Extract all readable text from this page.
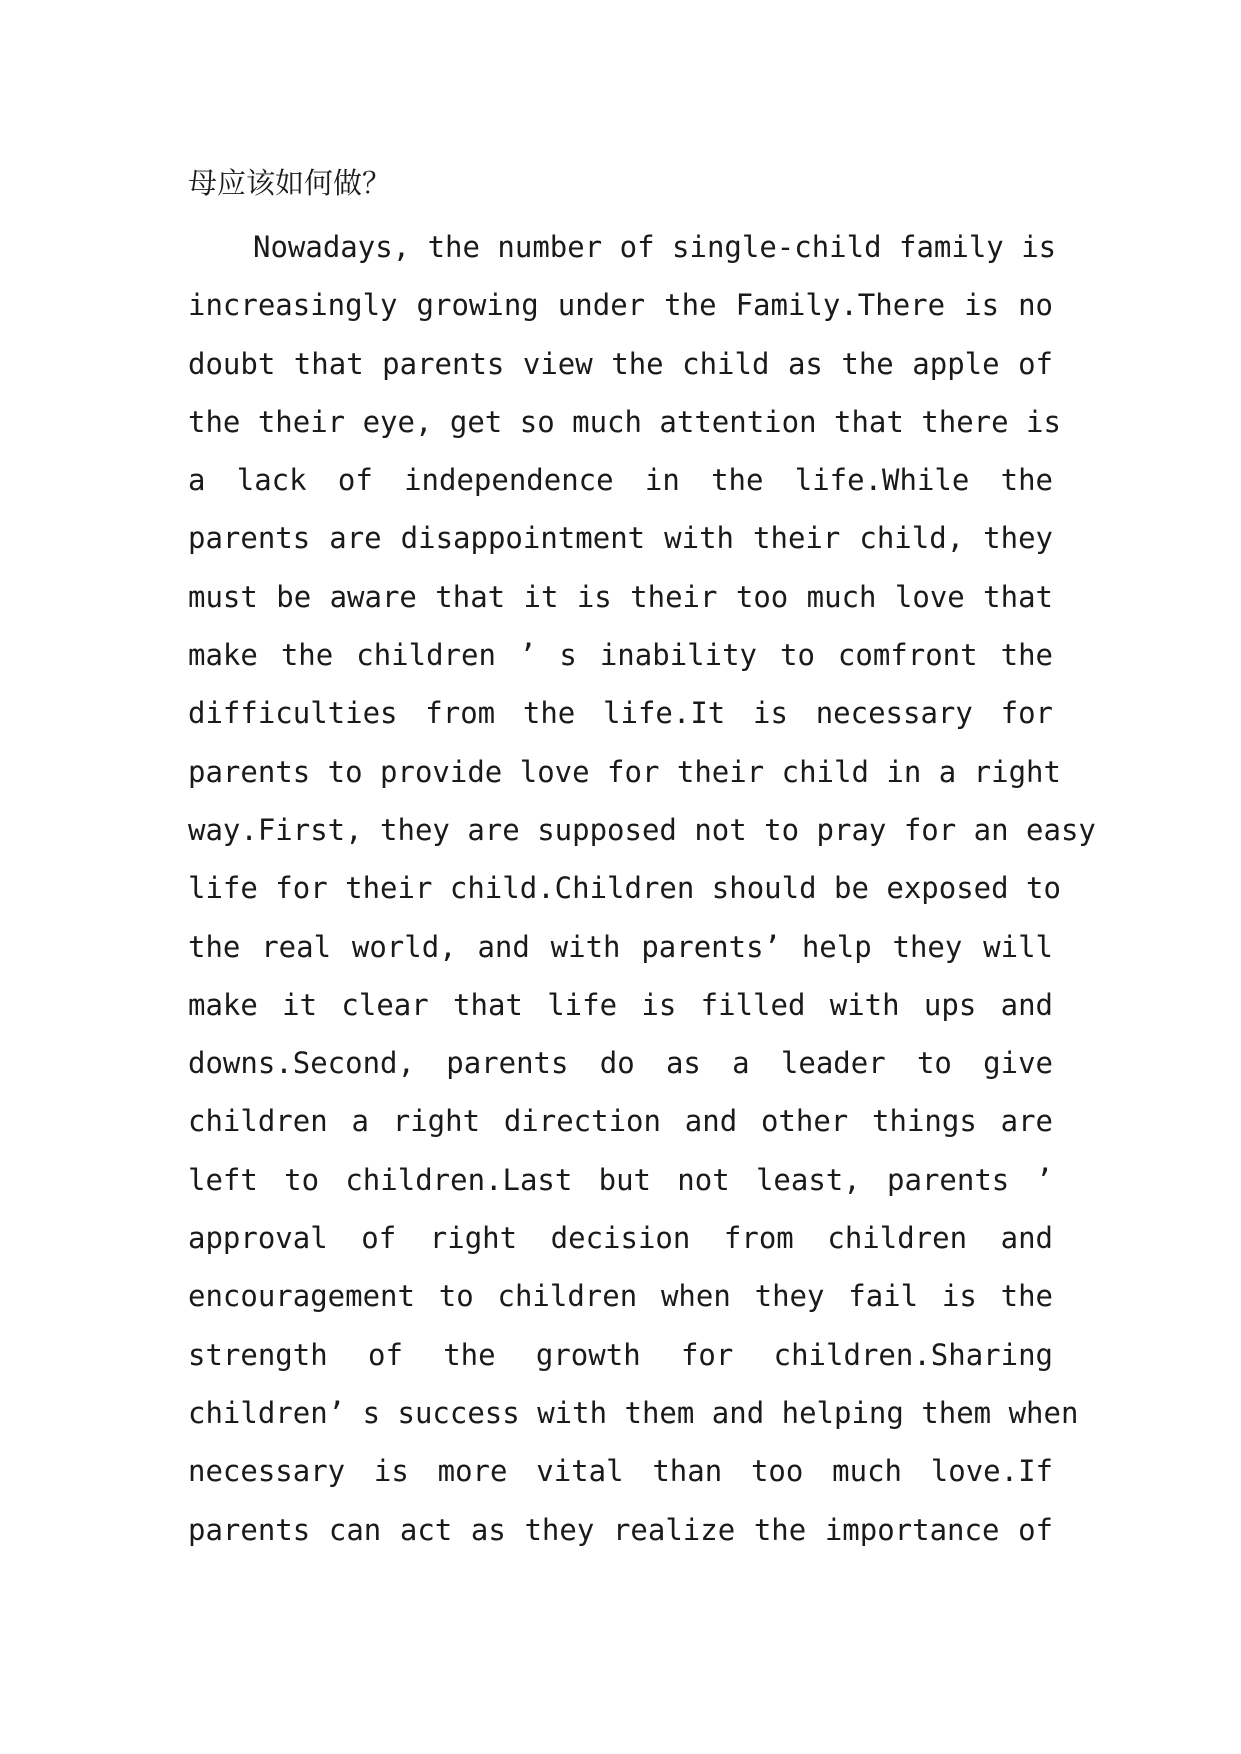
母应该如何做？
Nowadays, the number of single-child family is
increasingly growing under the Family.There is no
doubt that parents view the child as the apple of
the their eye, get so much attention that there is
a lack of independence in the life.While the
parents are disappointment with their child, they
must be aware that it is their too much love that
make the children ’ s inability to comfront the
difficulties from the life.It is necessary for
parents to provide love for their child in a right
way.First, they are supposed not to pray for an easy
life for their child.Children should be exposed to
the real world, and with parents’ help they will
make it clear that life is filled with ups and
downs.Second, parents do as a leader to give
children a right direction and other things are
left to children.Last but not least, parents ’
approval of right decision from children and
encouragement to children when they fail is the
strength of the growth for children.Sharing
children’ s success with them and helping them when
necessary is more vital than too much love.If
parents can act as they realize the importance of
